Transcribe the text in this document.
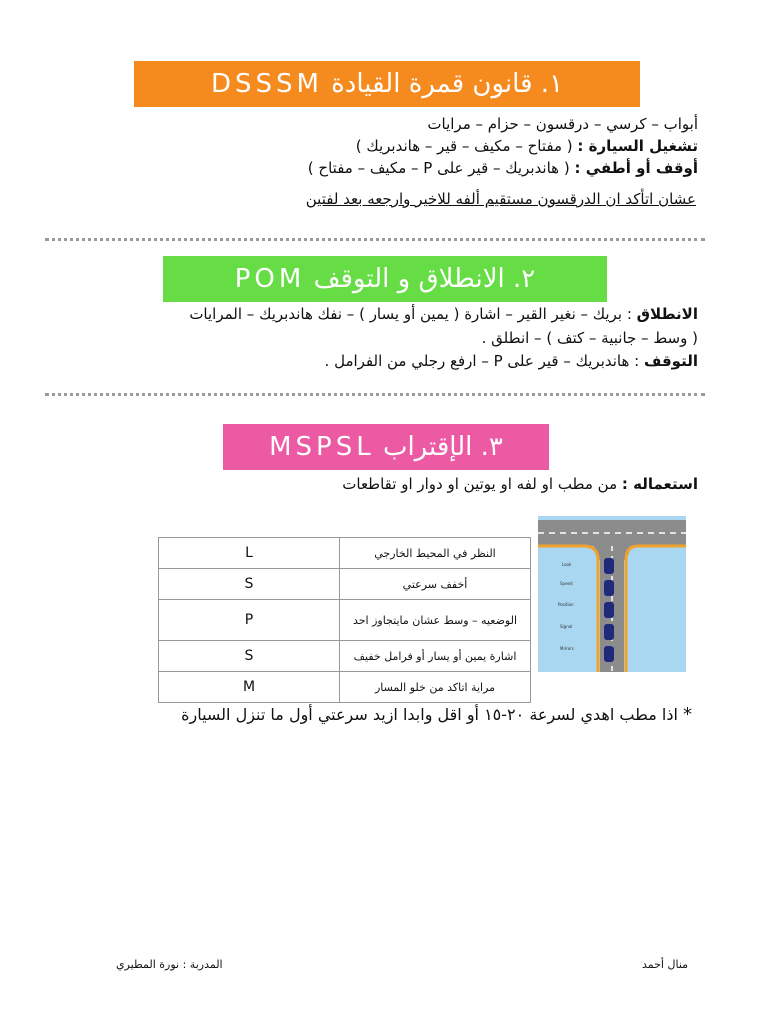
١. قانون قمرة القيادة DSSSM
أبواب – كرسي – درقسون – حزام – مرايات
تشغيل السيارة : ( مفتاح – مكيف – قير – هاندبريك )
أوقف أو أطفي : ( هاندبريك – قير على P – مكيف – مفتاح )
عشان اتأكد ان الدرقسون مستقيم ألفه للاخير وارجعه بعد لفتين
٢. الانطلاق و التوقف POM
الانطلاق : بريك – نغير القير – اشارة ( يمين أو يسار ) – نفك هاندبريك – المرايات
( وسط – جانبية – كتف ) – انطلق .
التوقف : هاندبريك – قير على P – ارفع رجلي من الفرامل .
٣. الإقتراب MSPSL
استعماله : من مطب او لفه او يوتين او دوار او تقاطعات
L	النظر في المحيط الخارجي
S	أخفف سرعتي
P	الوضعيه – وسط عشان مايتجاوز احد
S	اشارة يمين أو يسار أو فرامل خفيف
M	مراية اتاكد من خلو المسار
Look
Speed
Position
Signal
Mirrors
* اذا مطب اهدي لسرعة ٢٠-١٥ أو اقل وابدا ازيد سرعتي أول ما تنزل السيارة
المدربة : نورة المطيري	منال أحمد
